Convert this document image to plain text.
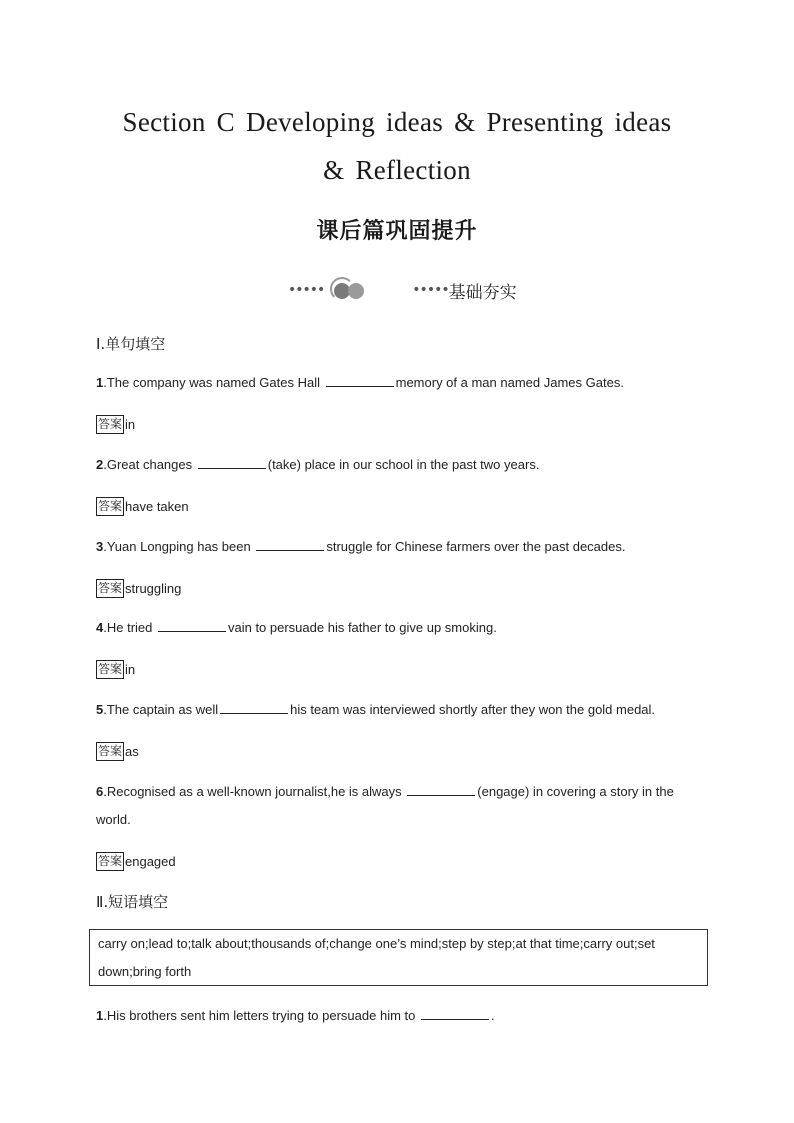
Section C Developing ideas & Presenting ideas
& Reflection
课后篇巩固提升
•••••	••••• 基础夯实
Ⅰ.单句填空
1.The company was named Gates Hall	memory of a man named James Gates.
答案 in
2.Great changes	(take) place in our school in the past two years.
答案 have taken
3.Yuan Longping has been	struggle for Chinese farmers over the past decades.
答案 struggling
4.He tried	vain to persuade his father to give up smoking.
答案 in
5.The captain as well	his team was interviewed shortly after they won the gold medal.
答案 as
6.Recognised as a well-known journalist,he is always	(engage) in covering a story in the world.
答案 engaged
Ⅱ.短语填空
carry on;lead to;talk about;thousands of;change one’s mind;step by step;at that time;carry out;set
down;bring forth
1.His brothers sent him letters trying to persuade him to	.
